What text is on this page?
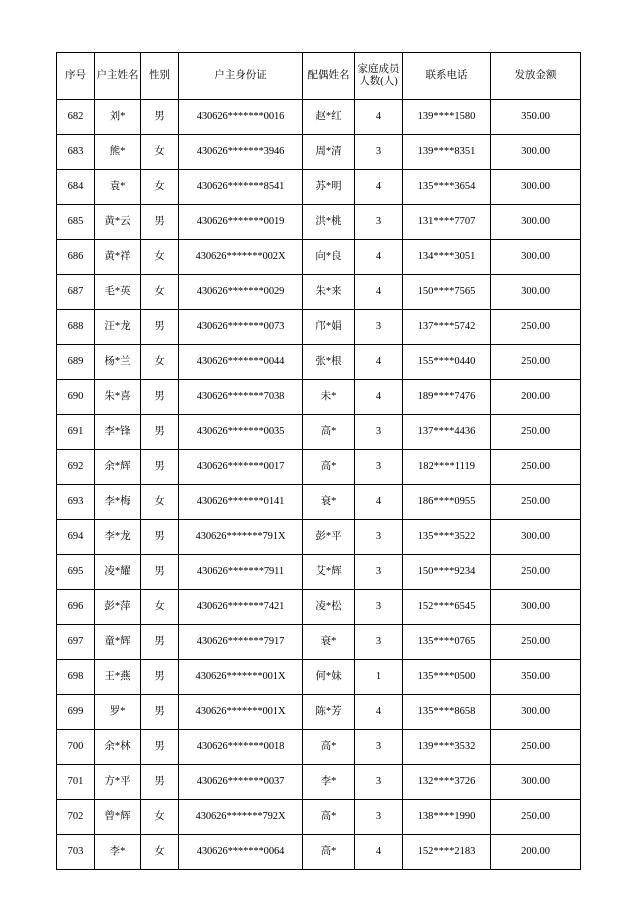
序号	户主姓名	性别	户主身份证	配偶姓名	家庭成员人数(人)	联系电话	发放金额
682	刘*	男	430626*******0016	赵*红	4	139****1580	350.00
683	熊*	女	430626*******3946	周*清	3	139****8351	300.00
684	袁*	女	430626*******8541	苏*明	4	135****3654	300.00
685	黄*云	男	430626*******0019	洪*桃	3	131****7707	300.00
686	黄*祥	女	430626*******002X	向*良	4	134****3051	300.00
687	毛*英	女	430626*******0029	朱*来	4	150****7565	300.00
688	汪*龙	男	430626*******0073	邝*娟	3	137****5742	250.00
689	杨*兰	女	430626*******0044	张*根	4	155****0440	250.00
690	朱*喜	男	430626*******7038	未*	4	189****7476	200.00
691	李*锋	男	430626*******0035	高*	3	137****4436	250.00
692	余*辉	男	430626*******0017	高*	3	182****1119	250.00
693	李*梅	女	430626*******0141	衰*	4	186****0955	250.00
694	李*龙	男	430626*******791X	彭*平	3	135****3522	300.00
695	凌*耀	男	430626*******7911	艾*辉	3	150****9234	250.00
696	彭*萍	女	430626*******7421	凌*松	3	152****6545	300.00
697	童*辉	男	430626*******7917	衰*	3	135****0765	250.00
698	王*燕	男	430626*******001X	何*妹	1	135****0500	350.00
699	罗*	男	430626*******001X	陈*芳	4	135****8658	300.00
700	余*林	男	430626*******0018	高*	3	139****3532	250.00
701	方*平	男	430626*******0037	李*	3	132****3726	300.00
702	曾*辉	女	430626*******792X	高*	3	138****1990	250.00
703	李*	女	430626*******0064	高*	4	152****2183	200.00
